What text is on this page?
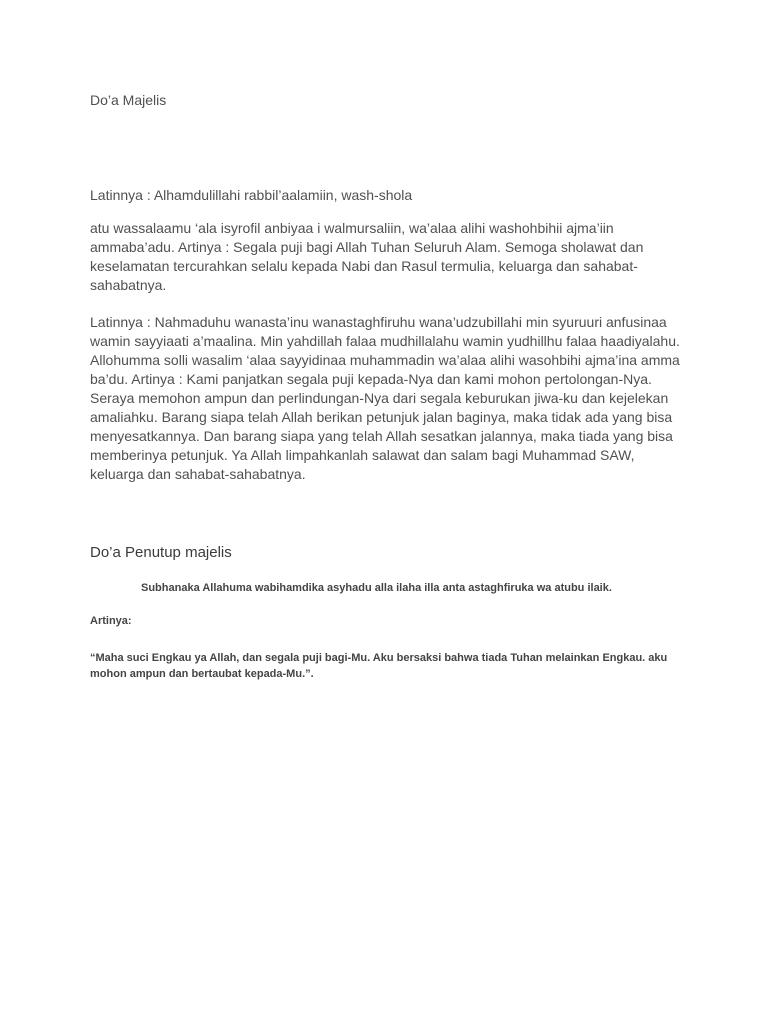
Do’a Majelis

Latinnya : Alhamdulillahi rabbil’aalamiin, wash-shola

atu wassalaamu ‘ala isyrofil anbiyaa i walmursaliin, wa’alaa alihi washohbihii ajma’iin ammaba’adu. Artinya : Segala puji bagi Allah Tuhan Seluruh Alam. Semoga sholawat dan keselamatan tercurahkan selalu kepada Nabi dan Rasul termulia, keluarga dan sahabat-sahabatnya.

Latinnya : Nahmaduhu wanasta’inu wanastaghfiruhu wana’udzubillahi min syuruuri anfusinaa wamin sayyiaati a’maalina. Min yahdillah falaa mudhillalahu wamin yudhillhu falaa haadiyalahu. Allohumma solli wasalim ‘alaa sayyidinaa muhammadin wa’alaa alihi wasohbihi ajma’ina amma ba’du. Artinya : Kami panjatkan segala puji kepada-Nya dan kami mohon pertolongan-Nya. Seraya memohon ampun dan perlindungan-Nya dari segala keburukan jiwa-ku dan kejelekan amaliahku. Barang siapa telah Allah berikan petunjuk jalan baginya, maka tidak ada yang bisa menyesatkannya. Dan barang siapa yang telah Allah sesatkan jalannya, maka tiada yang bisa memberinya petunjuk. Ya Allah limpahkanlah salawat dan salam bagi Muhammad SAW, keluarga dan sahabat-sahabatnya.

Do’a Penutup majelis

Subhanaka Allahuma wabihamdika asyhadu alla ilaha illa anta astaghfiruka wa atubu ilaik.

Artinya:

“Maha suci Engkau ya Allah, dan segala puji bagi-Mu. Aku bersaksi bahwa tiada Tuhan melainkan Engkau. aku mohon ampun dan bertaubat kepada-Mu.”.
